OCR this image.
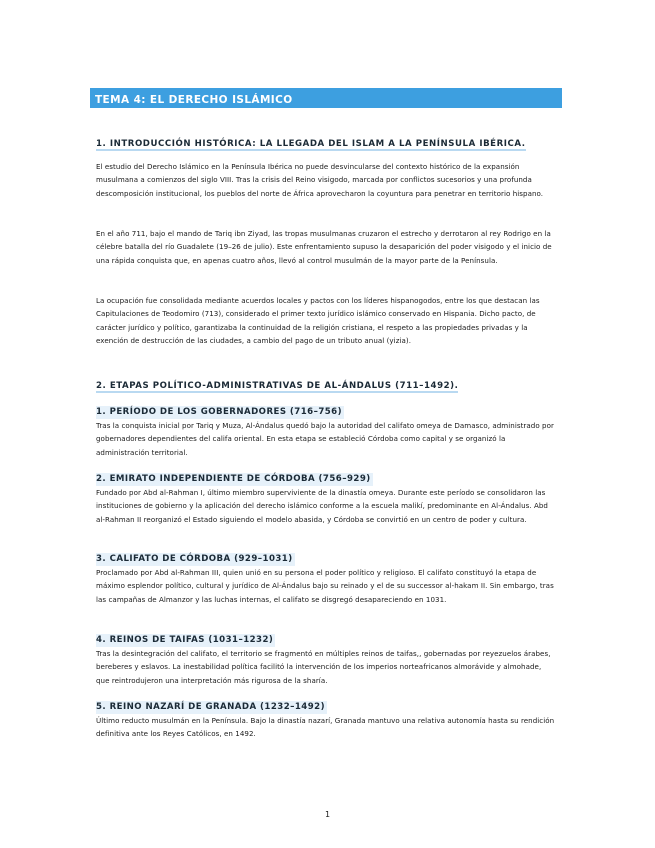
TEMA 4: EL DERECHO ISLÁMICO
1. INTRODUCCIÓN HISTÓRICA: LA LLEGADA DEL ISLAM A LA PENÍNSULA IBÉRICA.

El estudio del Derecho Islámico en la Península Ibérica no puede desvincularse del contexto histórico de la expansión musulmana a comienzos del siglo VIII. Tras la crisis del Reino visigodo, marcada por conflictos sucesorios y una profunda descomposición institucional, los pueblos del norte de África aprovecharon la coyuntura para penetrar en territorio hispano.

En el año 711, bajo el mando de Tariq ibn Ziyad, las tropas musulmanas cruzaron el estrecho y derrotaron al rey Rodrigo en la célebre batalla del río Guadalete (19–26 de julio). Este enfrentamiento supuso la desaparición del poder visigodo y el inicio de una rápida conquista que, en apenas cuatro años, llevó al control musulmán de la mayor parte de la Península.

La ocupación fue consolidada mediante acuerdos locales y pactos con los líderes hispanogodos, entre los que destacan las Capitulaciones de Teodomiro (713), considerado el primer texto jurídico islámico conservado en Hispania. Dicho pacto, de carácter jurídico y político, garantizaba la continuidad de la religión cristiana, el respeto a las propiedades privadas y la exención de destrucción de las ciudades, a cambio del pago de un tributo anual (yizia).

2. ETAPAS POLÍTICO-ADMINISTRATIVAS DE AL-ÁNDALUS (711–1492).
1. PERÍODO DE LOS GOBERNADORES (716–756)

Tras la conquista inicial por Tariq y Muza, Al-Ándalus quedó bajo la autoridad del califato omeya de Damasco, administrado por gobernadores dependientes del califa oriental. En esta etapa se estableció Córdoba como capital y se organizó la administración territorial.

2. EMIRATO INDEPENDIENTE DE CÓRDOBA (756–929)

Fundado por Abd al-Rahman I, último miembro superviviente de la dinastía omeya. Durante este período se consolidaron las instituciones de gobierno y la aplicación del derecho islámico conforme a la escuela malikí, predominante en Al-Ándalus. Abd al-Rahman II reorganizó el Estado siguiendo el modelo abasida, y Córdoba se convirtió en un centro de poder y cultura.

3. CALIFATO DE CÓRDOBA (929–1031)

Proclamado por Abd al-Rahman III, quien unió en su persona el poder político y religioso. El califato constituyó la etapa de máximo esplendor político, cultural y jurídico de Al-Ándalus bajo su reinado y el de su successor al-hakam II. Sin embargo, tras las campañas de Almanzor y las luchas internas, el califato se disgregó desapareciendo en 1031.

4. REINOS DE TAIFAS (1031–1232)

Tras la desintegración del califato, el territorio se fragmentó en múltiples reinos de taifas,, gobernadas por reyezuelos árabes, bereberes y eslavos. La inestabilidad política facilitó la intervención de los imperios norteafricanos almorávide y almohade, que reintrodujeron una interpretación más rigurosa de la sharía.

5. REINO NAZARÍ DE GRANADA (1232–1492)

Último reducto musulmán en la Península. Bajo la dinastía nazarí, Granada mantuvo una relativa autonomía hasta su rendición definitiva ante los Reyes Católicos, en 1492.

1
